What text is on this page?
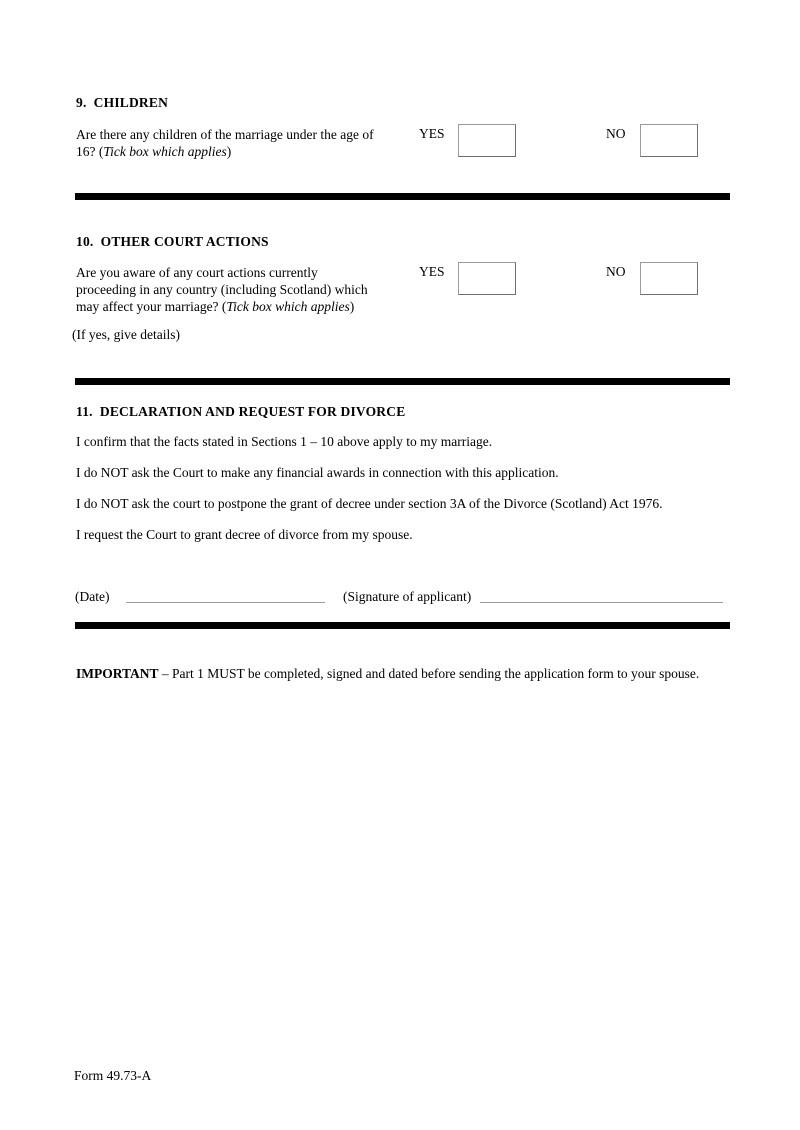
9.  CHILDREN
Are there any children of the marriage under the age of
16? (Tick box which applies)
YES	NO
10.  OTHER COURT ACTIONS
Are you aware of any court actions currently
proceeding in any country (including Scotland) which
may affect your marriage? (Tick box which applies)
(If yes, give details)
YES	NO
11.  DECLARATION AND REQUEST FOR DIVORCE
I confirm that the facts stated in Sections 1 – 10 above apply to my marriage.
I do NOT ask the Court to make any financial awards in connection with this application.
I do NOT ask the court to postpone the grant of decree under section 3A of the Divorce (Scotland) Act 1976.
I request the Court to grant decree of divorce from my spouse.
(Date)	(Signature of applicant)
IMPORTANT – Part 1 MUST be completed, signed and dated before sending the application form to your spouse.
Form 49.73-A
